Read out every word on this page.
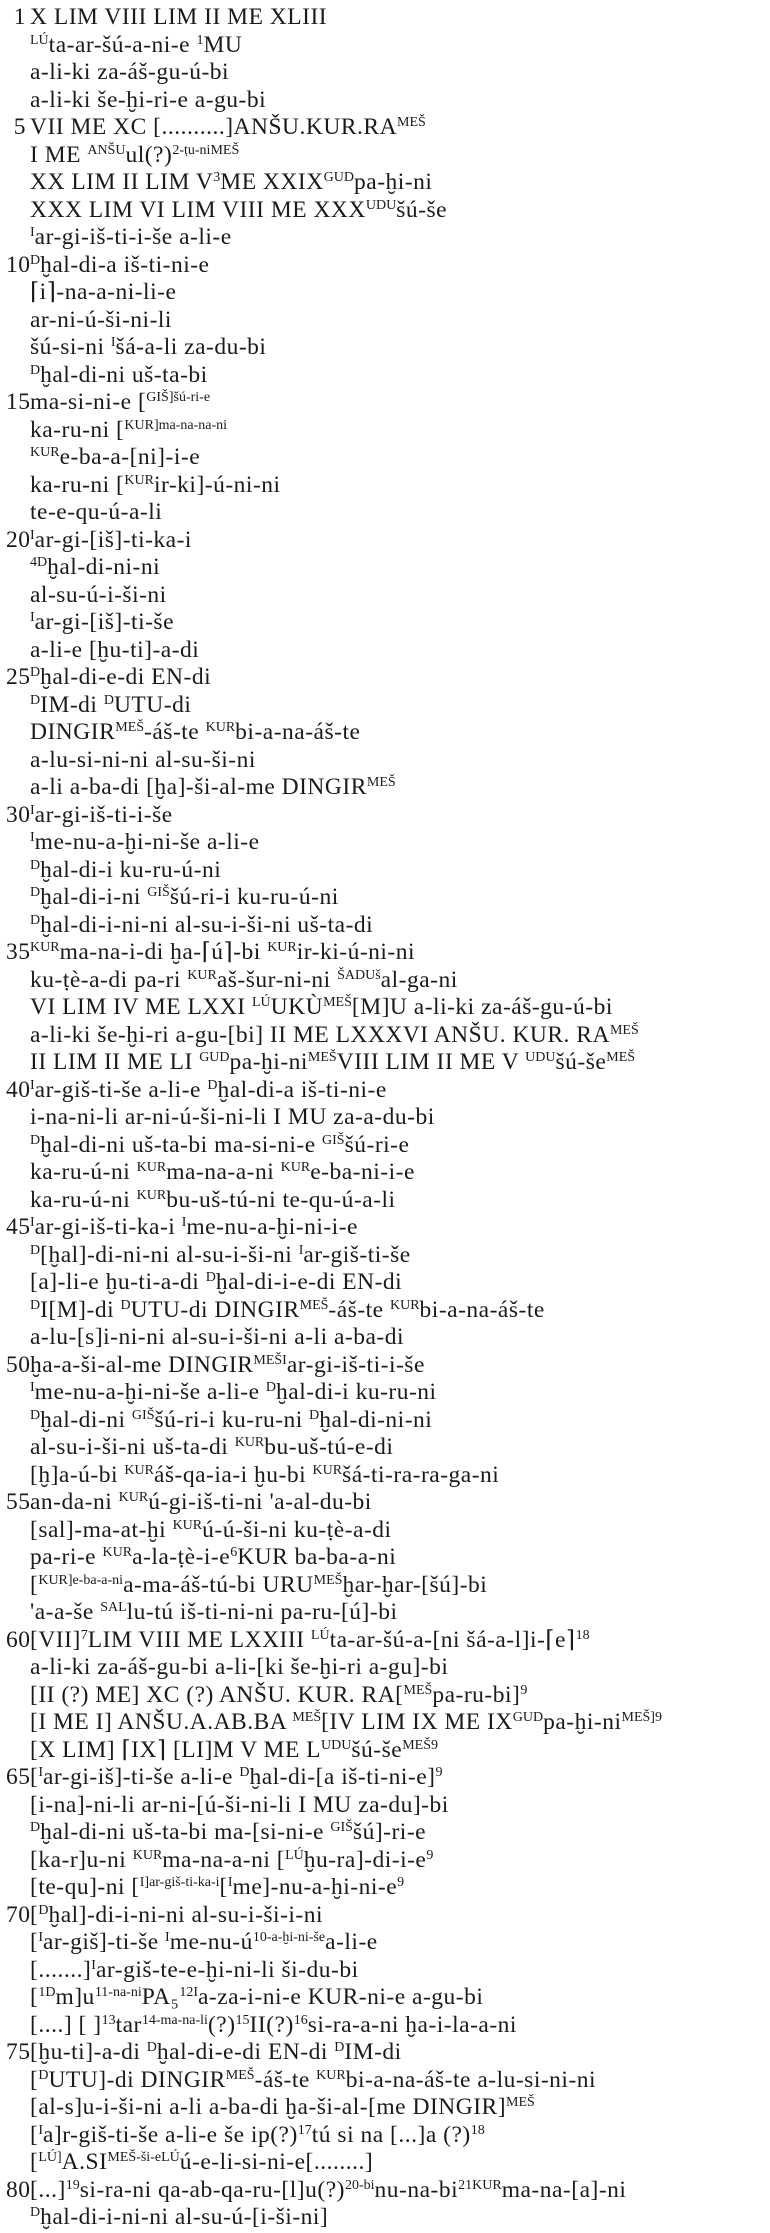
1 X LIM VIII LIM II ME XLIII
$^{LÚ}$ta-ar-šú-a-ni-e $^1$MU
a-li-ki za-áš-gu-ú-bi
a-li-ki še-ḫi-ri-e a-gu-bi
5 VII ME XC $[..........]ANŠU.KUR.RA^{MEŠ}$
I ME $^{ANŠU}$ul(?)$^{2-ṭu-niMEŠ}$
XX LIM II LIM $V^3ME$ $XXIX^{GUD}pa-ḫi-ni$
XXX LIM VI LIM VIII ME $XXX^{UDU}šú-še$
$^I$ar-gi-iš-ti-i-še a-li-e
10 $^D$ḫal-di-a iš-ti-ni-e
⌈i⌉-na-a-ni-li-e
ar-ni-ú-ši-ni-li
šú-si-ni $^I$šá-a-li za-du-bi
$^D$ḫal-di-ni uš-ta-bi
15 ma-si-ni-e [$^{GIŠ]šú-ri-e}$
ka-ru-ni [$^{KUR]ma-na-na-ni}$
$^{KUR}$e-ba-a-[ni]-i-e
ka-ru-ni [$^{KUR}$ir-ki]-ú-ni-ni
te-e-qu-ú-a-li
20 $^I$ar-gi-[iš]-ti-ka-i
$^{4D}$ḫal-di-ni-ni
al-su-ú-i-ši-ni
$^I$ar-gi-[iš]-ti-še
a-li-e [ḫu-ti]-a-di
25 $^D$ḫal-di-e-di EN-di
$^D$IM-di $^D$UTU-di
$DINGIR^{MEŠ}-áš-te$ $^{KUR}$bi-a-na-áš-te
a-lu-si-ni-ni al-su-ši-ni
a-li a-ba-di [ḫa]-ši-al-me $DINGIR^{MEŠ}$
30 $^I$ar-gi-iš-ti-i-še
$^I$me-nu-a-ḫi-ni-še a-li-e
$^D$ḫal-di-i ku-ru-ú-ni
$^D$ḫal-di-i-ni $^{GIŠ}$šú-ri-i ku-ru-ú-ni
$^D$ḫal-di-i-ni-ni al-su-i-ši-ni uš-ta-di
35 $^{KUR}$ma-na-i-di ḫa-⌈ú⌉-bi $^{KUR}$ir-ki-ú-ni-ni
ku-ṭè-a-di pa-ri $^{KUR}$aš-šur-ni-ni $^{ŠADUš}$al-ga-ni
VI LIM IV ME LXXI $^{LÚ}UKÙ^{MEŠ}[M]U$ a-li-ki za-áš-gu-ú-bi
a-li-ki še-ḫi-ri a-gu-[bi] II ME LXXXVI ANŠU. KUR. $RA^{MEŠ}$
II LIM II ME LI $^{GUD}pa-ḫi-ni^{MEŠ}VIII$ LIM II ME V $^{UDU}šú-še^{MEŠ}$
40 $^I$ar-giš-ti-še a-li-e $^D$ḫal-di-a iš-ti-ni-e
i-na-ni-li ar-ni-ú-ši-ni-li I MU za-a-du-bi
$^D$ḫal-di-ni uš-ta-bi ma-si-ni-e $^{GIŠ}$šú-ri-e
ka-ru-ú-ni $^{KUR}$ma-na-a-ni $^{KUR}$e-ba-ni-i-e
ka-ru-ú-ni $^{KUR}$bu-uš-tú-ni te-qu-ú-a-li
45 $^I$ar-gi-iš-ti-ka-i $^I$me-nu-a-ḫi-ni-i-e
$^D$[ḫal]-di-ni-ni al-su-i-ši-ni $^I$ar-giš-ti-še
[a]-li-e ḫu-ti-a-di $^D$ḫal-di-i-e-di EN-di
$^D$I[M]-di $^D$UTU-di $DINGIR^{MEŠ}-áš-te$ $^{KUR}$bi-a-na-áš-te
a-lu-[s]i-ni-ni al-su-i-ši-ni a-li a-ba-di
50 ḫa-a-ši-al-me $DINGIR^{MEŠI}ar-gi-iš-ti-i-še$
$^I$me-nu-a-ḫi-ni-še a-li-e $^D$ḫal-di-i ku-ru-ni
$^D$ḫal-di-ni $^{GIŠ}$šú-ri-i ku-ru-ni $^D$ḫal-di-ni-ni
al-su-i-ši-ni uš-ta-di $^{KUR}$bu-uš-tú-e-di
[ḫ]a-ú-bi $^{KUR}$áš-qa-ia-i ḫu-bi $^{KUR}$šá-ti-ra-ra-ga-ni
55 an-da-ni $^{KUR}$ú-gi-iš-ti-ni 'a-al-du-bi
[sal]-ma-at-ḫi $^{KUR}$ú-ú-ši-ni ku-ṭè-a-di
pa-ri-e $^{KUR}a-la-ṭè-i-e^6KUR$ ba-ba-a-ni
[$^{KUR]e-ba-a-ni}$a-ma-áš-tú-bi $URU^{MEŠ}ḫar-ḫar-[šú]-bi$
'a-a-še $^{SAL}$lu-tú iš-ti-ni-ni pa-ru-[ú]-bi
60 [VII]$^7$LIM VIII ME LXXIII $^{LÚ}$ta-ar-šú-a-[ni šá-a-l]i-⌈e⌉$^{18}$
a-li-ki za-áš-gu-bi a-li-[ki še-ḫi-ri a-gu]-bi
[II (?) ME] XC (?) ANŠU. KUR. $RA[^{MEŠ}pa-ru-bi]^9$
[I ME I] ANŠU.A.AB.BA $^{MEŠ}$[IV LIM IX ME $IX^{GUD}pa-ḫi-ni^{MEŠ]9}$
[X LIM] ⌈IX⌉ [LI]M V ME $L^{UDU}šú-še^{MEŠ9}$
65 [$^I$ar-gi-iš]-ti-še a-li-e $^D$ḫal-di-[a iš-ti-ni-e]$^9$
[i-na]-ni-li ar-ni-[ú-ši-ni-li I MU za-du]-bi
$^D$ḫal-di-ni uš-ta-bi ma-[si-ni-e $^{GIŠ}$šú]-ri-e
[ka-r]u-ni $^{KUR}$ma-na-a-ni $[^{LÚ}ḫu-ra]-di-i-e^9$
[te-qu]-ni [$^{I]ar-giš-ti-ka-i}[^Ime]-nu-a-ḫi-ni-e^9$
70 [$^D$ḫal]-di-i-ni-ni al-su-i-ši-i-ni
[$^I$ar-giš]-ti-še $^Ime-nu-ú^{10-a-ḫi-ni-še}a-li-e$
[.......]$^I$ar-giš-te-e-ḫi-ni-li ši-du-bi
$[^{1D}m]u^{11-na-ni}PA_5^{12I}a-za-i-ni-e$ KUR-ni-e a-gu-bi
[....] [ ]$^{13}$tar$^{14-ma-na-li}$(?)$^{15}$II(?)$^{16}$si-ra-a-ni ḫa-i-la-a-ni
75 [ḫu-ti]-a-di $^D$ḫal-di-e-di EN-di $^D$IM-di
[$^D$UTU]-di $DINGIR^{MEŠ}-áš-te$ $^{KUR}$bi-a-na-áš-te a-lu-si-ni-ni
[al-s]u-i-ši-ni a-li a-ba-di ḫa-ši-al-[me DINGIR]$^{MEŠ}$
[$^I$a]r-giš-ti-še a-li-e še ip(?)$^{17}$tú si na [...]a (?)$^{18}$
[$^{LÚ]}A.SI^{MEŠ-ši-eLÚ}ú-e-li-si-ni-e[........]$
80 [...]$^{19}$si-ra-ni $qa-ab-qa-ru-[l]u(?)^{20-bi}nu-na-bi^{21KUR}ma-na-[a]-ni$
$^D$ḫal-di-i-ni-ni al-su-ú-[i-ši-ni]
